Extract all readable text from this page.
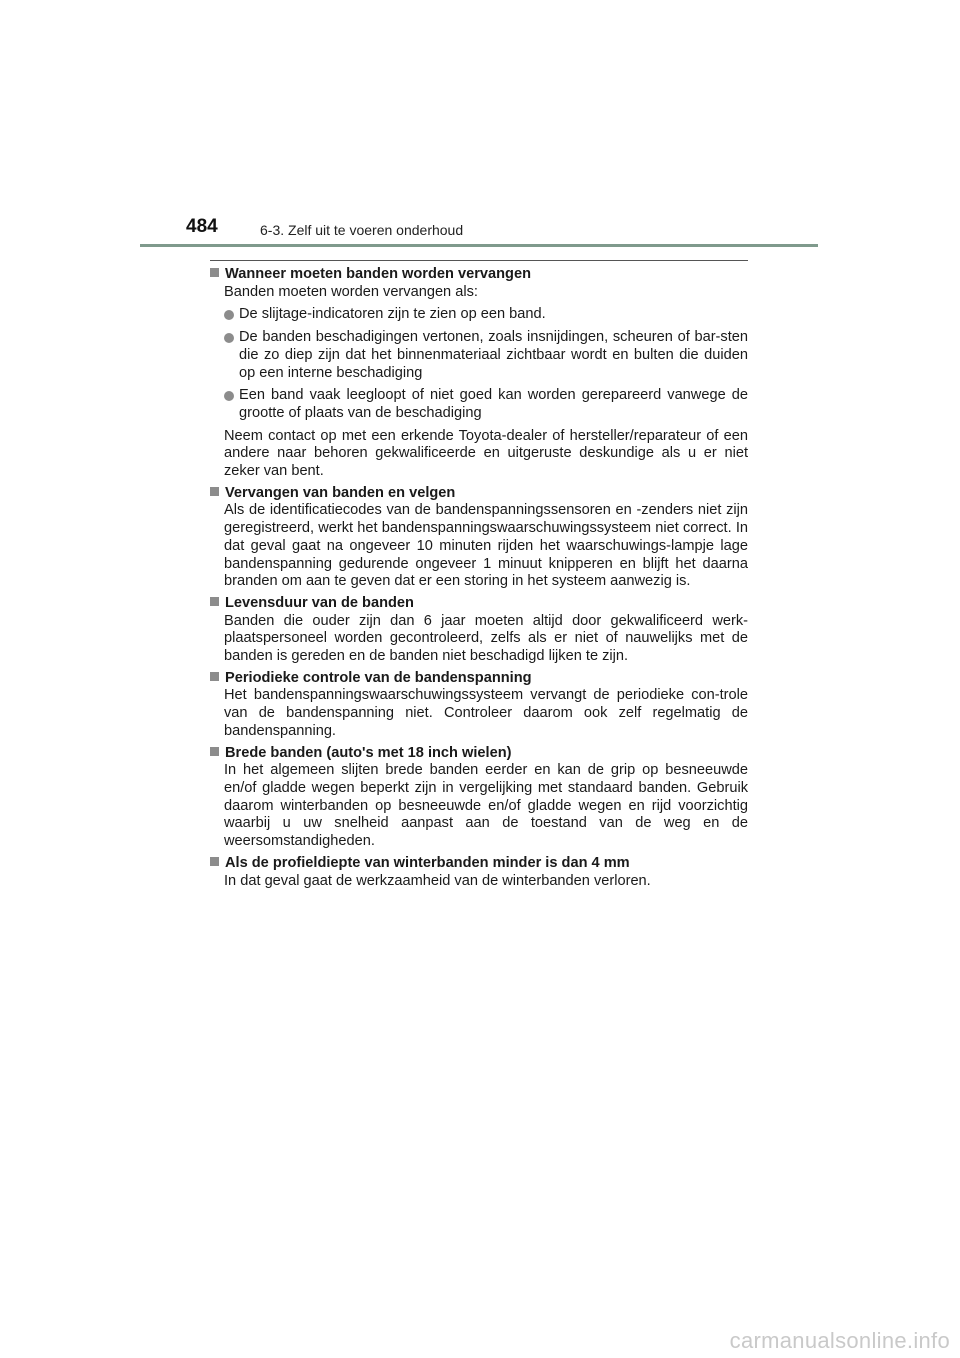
484	6-3. Zelf uit te voeren onderhoud
Wanneer moeten banden worden vervangen
Banden moeten worden vervangen als:
De slijtage-indicatoren zijn te zien op een band.
De banden beschadigingen vertonen, zoals insnijdingen, scheuren of bar-sten die zo diep zijn dat het binnenmateriaal zichtbaar wordt en bulten die duiden op een interne beschadiging
Een band vaak leegloopt of niet goed kan worden gerepareerd vanwege de grootte of plaats van de beschadiging
Neem contact op met een erkende Toyota-dealer of hersteller/reparateur of een andere naar behoren gekwalificeerde en uitgeruste deskundige als u er niet zeker van bent.
Vervangen van banden en velgen
Als de identificatiecodes van de bandenspanningssensoren en -zenders niet zijn geregistreerd, werkt het bandenspanningswaarschuwingssysteem niet correct. In dat geval gaat na ongeveer 10 minuten rijden het waarschuwings-lampje lage bandenspanning gedurende ongeveer 1 minuut knipperen en blijft het daarna branden om aan te geven dat er een storing in het systeem aanwezig is.
Levensduur van de banden
Banden die ouder zijn dan 6 jaar moeten altijd door gekwalificeerd werk-plaatspersoneel worden gecontroleerd, zelfs als er niet of nauwelijks met de banden is gereden en de banden niet beschadigd lijken te zijn.
Periodieke controle van de bandenspanning
Het bandenspanningswaarschuwingssysteem vervangt de periodieke con-trole van de bandenspanning niet. Controleer daarom ook zelf regelmatig de bandenspanning.
Brede banden (auto's met 18 inch wielen)
In het algemeen slijten brede banden eerder en kan de grip op besneeuwde en/of gladde wegen beperkt zijn in vergelijking met standaard banden. Gebruik daarom winterbanden op besneeuwde en/of gladde wegen en rijd voorzichtig waarbij u uw snelheid aanpast aan de toestand van de weg en de weersomstandigheden.
Als de profieldiepte van winterbanden minder is dan 4 mm
In dat geval gaat de werkzaamheid van de winterbanden verloren.
carmanualsonline.info
